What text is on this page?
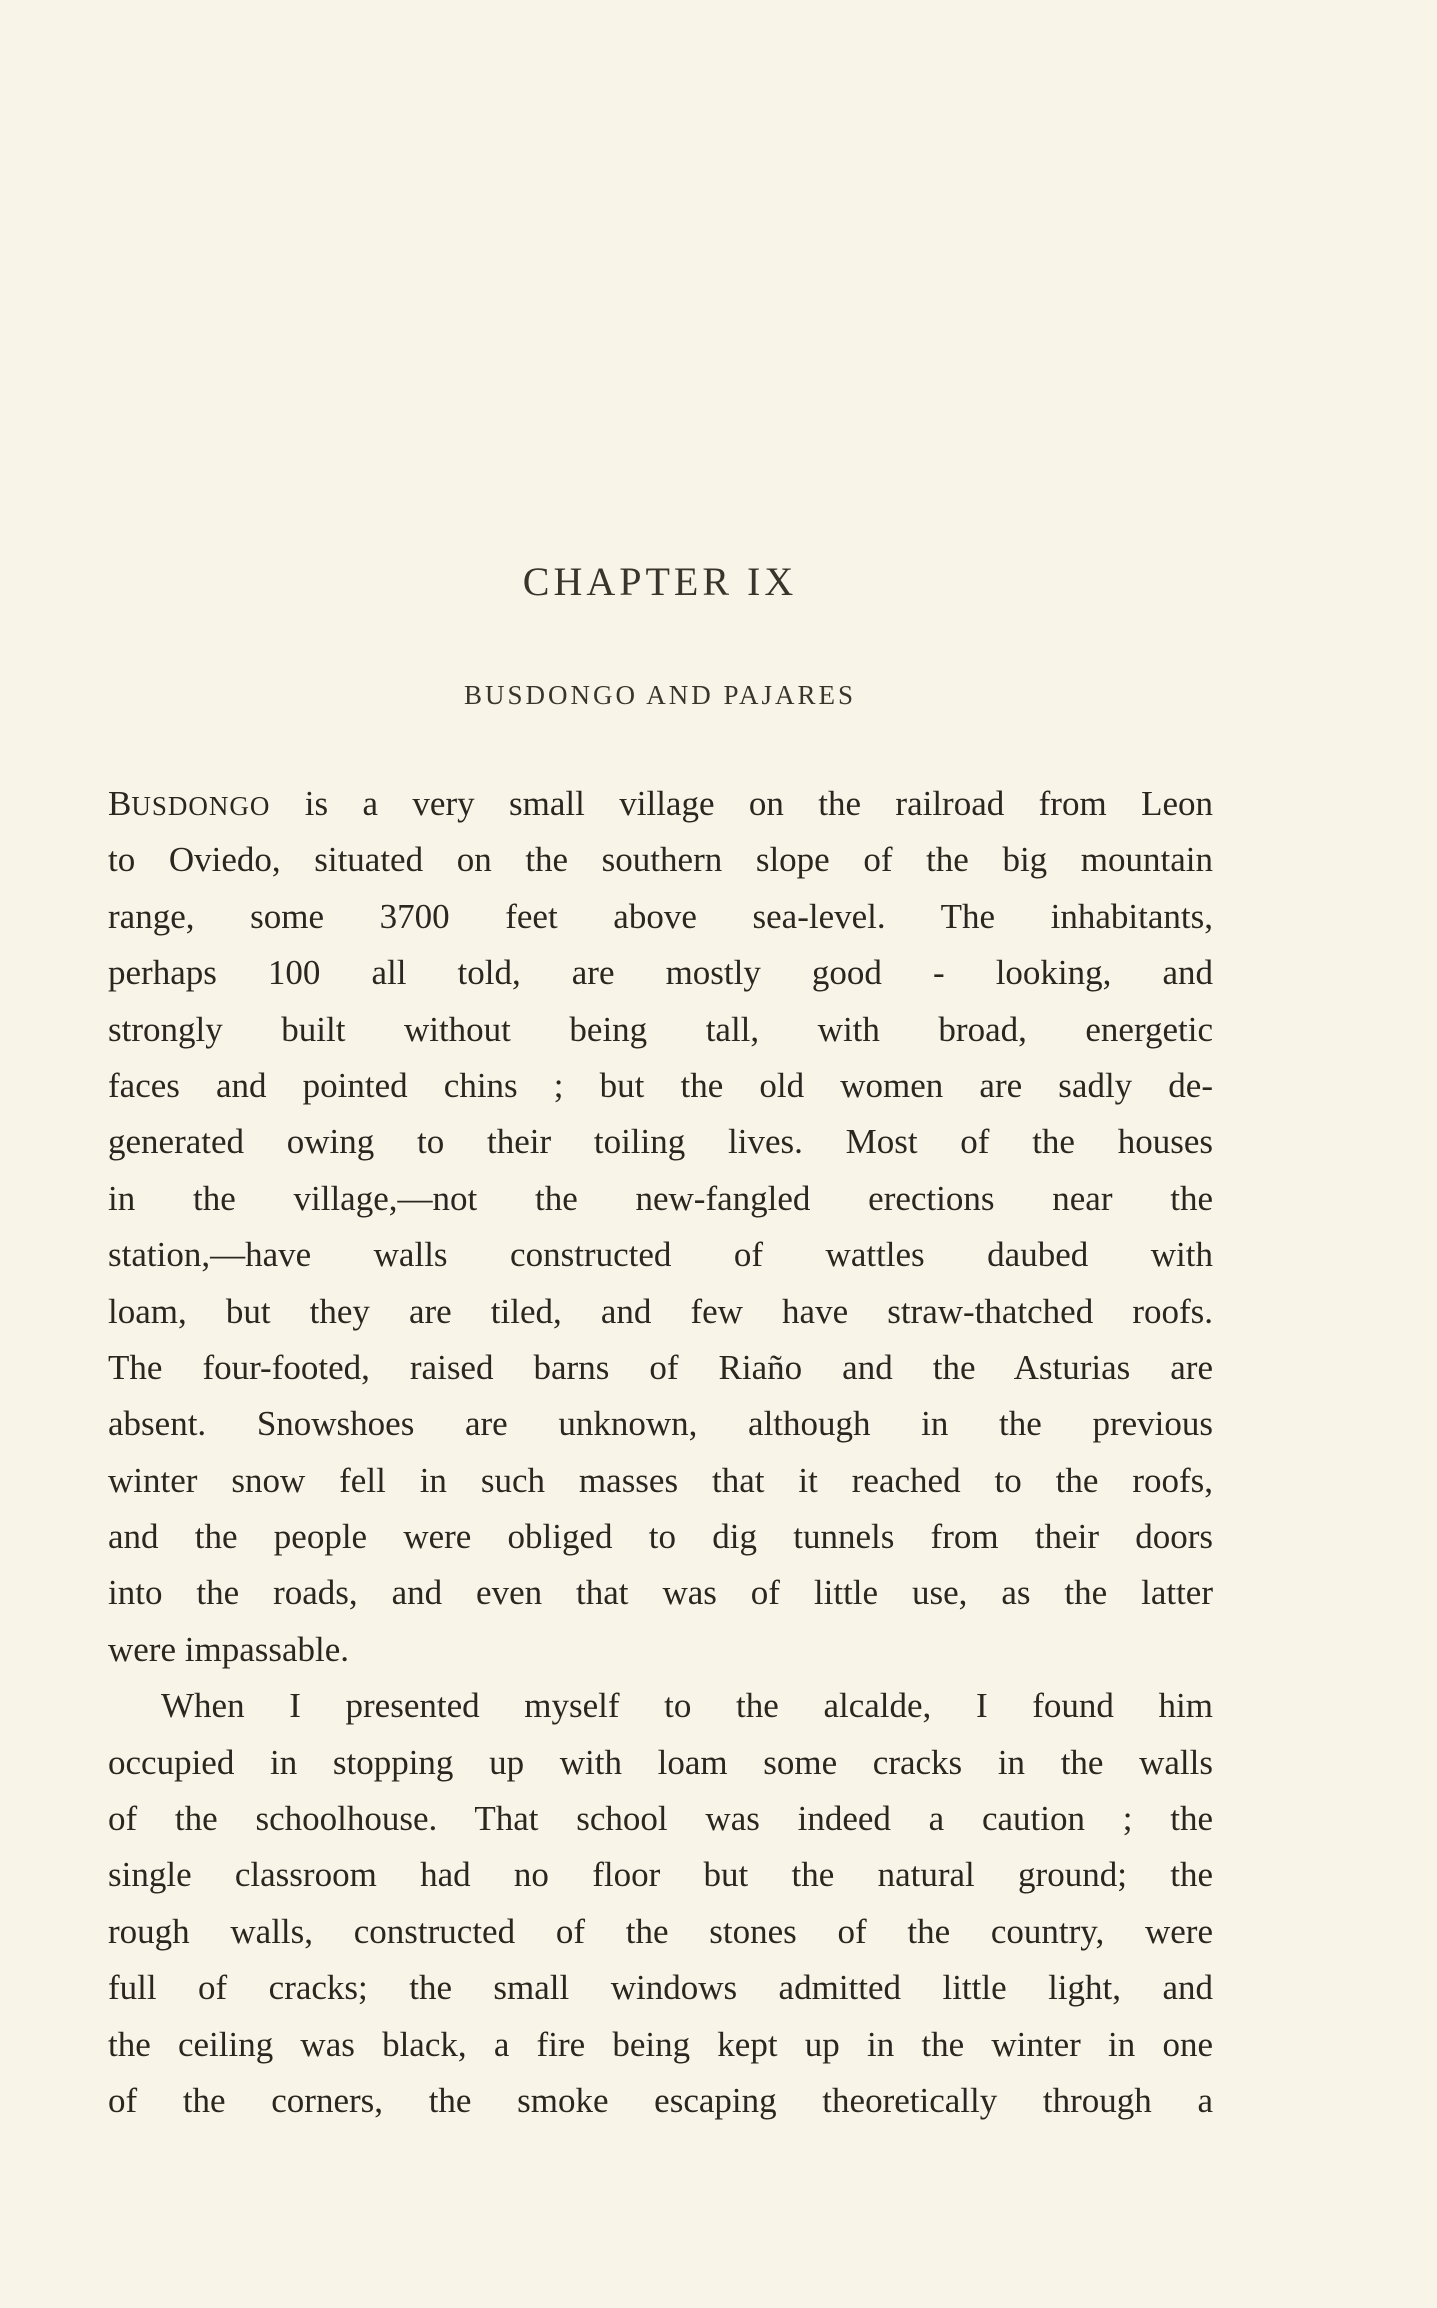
CHAPTER IX
BUSDONGO AND PAJARES
BUSDONGO is a very small village on the railroad from Leon
to Oviedo, situated on the southern slope of the big mountain
range, some 3700 feet above sea-level. The inhabitants,
perhaps 100 all told, are mostly good - looking, and
strongly built without being tall, with broad, energetic
faces and pointed chins ; but the old women are sadly de-
generated owing to their toiling lives. Most of the houses
in the village,—not the new-fangled erections near the
station,—have walls constructed of wattles daubed with
loam, but they are tiled, and few have straw-thatched roofs.
The four-footed, raised barns of Riaño and the Asturias are
absent. Snowshoes are unknown, although in the previous
winter snow fell in such masses that it reached to the roofs,
and the people were obliged to dig tunnels from their doors
into the roads, and even that was of little use, as the latter
were impassable.
When I presented myself to the alcalde, I found him
occupied in stopping up with loam some cracks in the walls
of the schoolhouse. That school was indeed a caution ; the
single classroom had no floor but the natural ground; the
rough walls, constructed of the stones of the country, were
full of cracks; the small windows admitted little light, and
the ceiling was black, a fire being kept up in the winter in one
of the corners, the smoke escaping theoretically through a
